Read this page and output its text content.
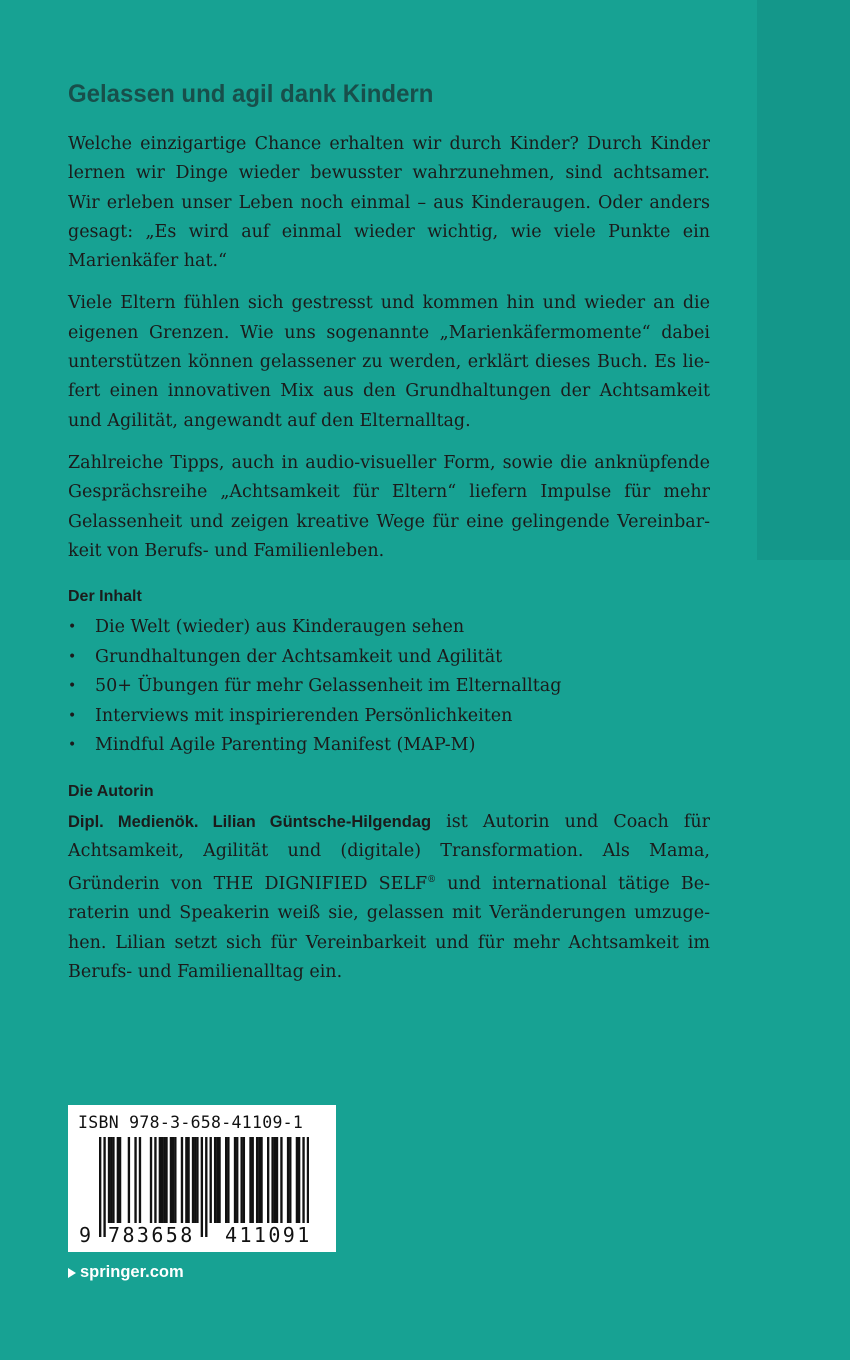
Gelassen und agil dank Kindern

Welche einzigartige Chance erhalten wir durch Kinder? Durch Kinder lernen wir Dinge wieder bewusster wahrzunehmen, sind achtsamer. Wir erleben unser Leben noch einmal – aus Kinderaugen. Oder anders gesagt: „Es wird auf einmal wieder wichtig, wie viele Punkte ein Marienkäfer hat.“

Viele Eltern fühlen sich gestresst und kommen hin und wieder an die eigenen Grenzen. Wie uns sogenannte „Marienkäfermomente“ dabei unterstützen können gelassener zu werden, erklärt dieses Buch. Es liefert einen innovativen Mix aus den Grundhaltungen der Achtsamkeit und Agilität, angewandt auf den Elternalltag.

Zahlreiche Tipps, auch in audio-visueller Form, sowie die anknüpfende Gesprächsreihe „Achtsamkeit für Eltern“ liefern Impulse für mehr Gelassenheit und zeigen kreative Wege für eine gelingende Vereinbarkeit von Berufs- und Familienleben.

Der Inhalt
• Die Welt (wieder) aus Kinderaugen sehen
• Grundhaltungen der Achtsamkeit und Agilität
• 50+ Übungen für mehr Gelassenheit im Elternalltag
• Interviews mit inspirierenden Persönlichkeiten
• Mindful Agile Parenting Manifest (MAP-M)
Die Autorin

Dipl. Medienök. Lilian Güntsche-Hilgendag ist Autorin und Coach für Achtsamkeit, Agilität und (digitale) Transformation. Als Mama, Gründerin von THE DIGNIFIED SELF® und international tätige Beraterin und Speakerin weiß sie, gelassen mit Veränderungen umzugehen. Lilian setzt sich für Vereinbarkeit und für mehr Achtsamkeit im Berufs- und Familienalltag ein.

ISBN 978-3-658-41109-1
9 783658 411091
springer.com
